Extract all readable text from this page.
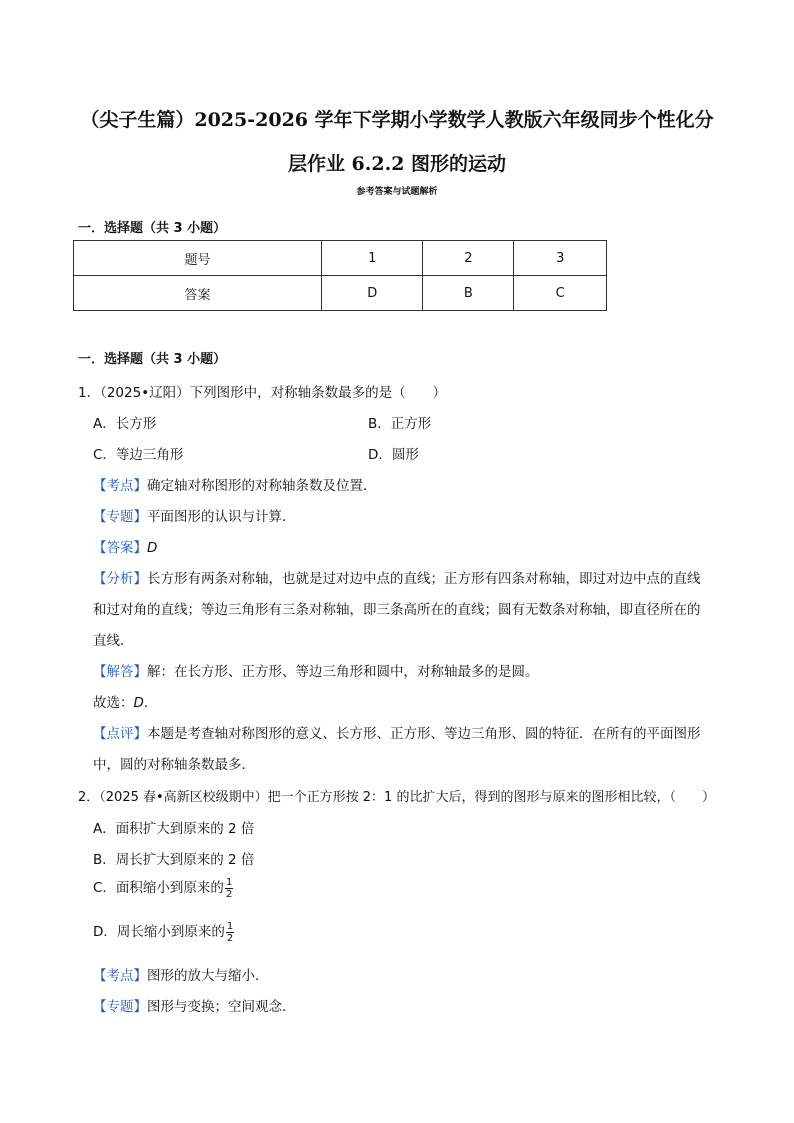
（尖子生篇）2025-2026 学年下学期小学数学人教版六年级同步个性化分
层作业 6.2.2 图形的运动
参考答案与试题解析
一．选择题（共 3 小题）
题号	1	2	3
答案	D	B	C
一．选择题（共 3 小题）
1．（2025•辽阳）下列图形中，对称轴条数最多的是（　　）
A．长方形	B．正方形
C．等边三角形	D．圆形
【考点】确定轴对称图形的对称轴条数及位置．
【专题】平面图形的认识与计算．
【答案】D
【分析】长方形有两条对称轴，也就是过对边中点的直线；正方形有四条对称轴，即过对边中点的直线
和过对角的直线；等边三角形有三条对称轴，即三条高所在的直线；圆有无数条对称轴，即直径所在的
直线．
【解答】解：在长方形、正方形、等边三角形和圆中，对称轴最多的是圆。
故选：D．
【点评】本题是考查轴对称图形的意义、长方形、正方形、等边三角形、圆的特征．在所有的平面图形
中，圆的对称轴条数最多．
2．（2025 春•高新区校级期中）把一个正方形按 2：1 的比扩大后，得到的图形与原来的图形相比较，（　　）
A．面积扩大到原来的 2 倍
B．周长扩大到原来的 2 倍
C．面积缩小到原来的 $\frac{1}{2}$
D．周长缩小到原来的 $\frac{1}{2}$
【考点】图形的放大与缩小．
【专题】图形与变换；空间观念．
